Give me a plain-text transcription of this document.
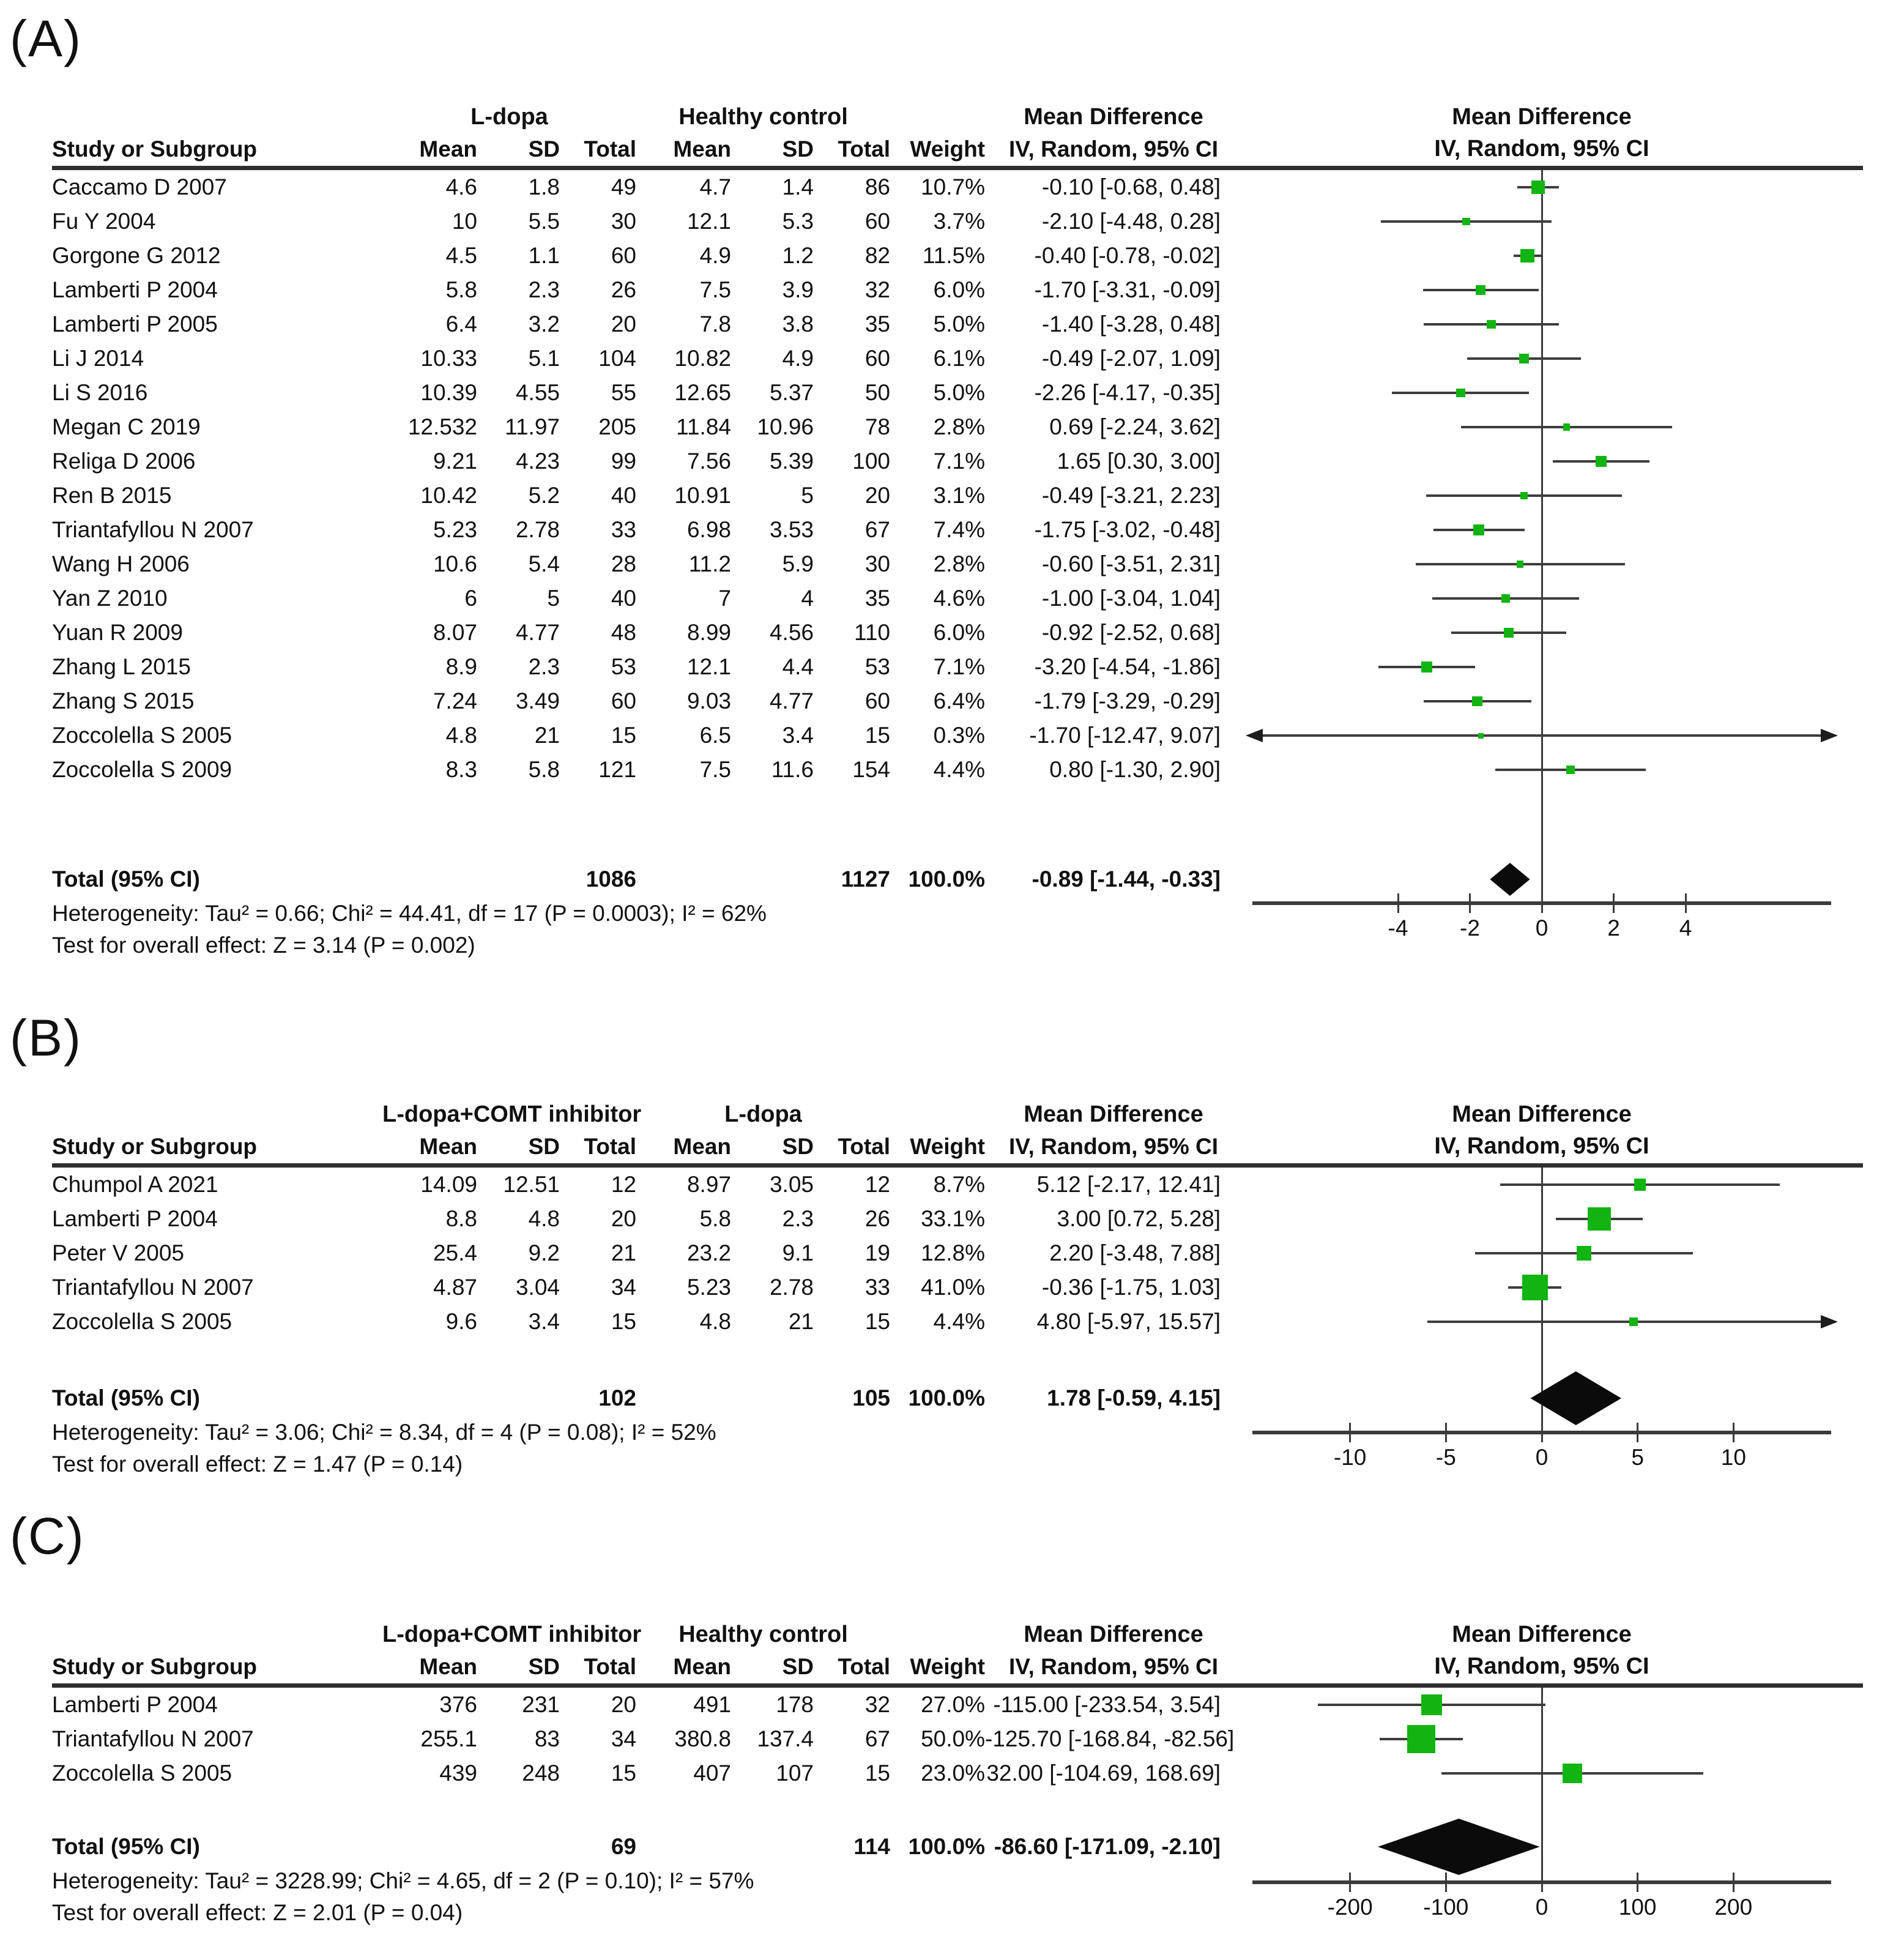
(A)
L-dopa	Healthy control	Mean Difference
Study or Subgroup	Mean	SD	Total	Mean	SD	Total Weight	IV, Random, 95% CI
Caccamo D 2007	4.6	1.8	49	4.7	1.4	86	10.7%	-0.10 [-0.68, 0.48]
Fu Y 2004	10	5.5	30	12.1	5.3	60	3.7%	-2.10 [-4.48, 0.28]
Gorgone G 2012	4.5	1.1	60	4.9	1.2	82	11.5%	-0.40 [-0.78, -0.02]
Lamberti P 2004	5.8	2.3	26	7.5	3.9	32	6.0%	-1.70 [-3.31, -0.09]
Lamberti P 2005	6.4	3.2	20	7.8	3.8	35	5.0%	-1.40 [-3.28, 0.48]
Li J 2014	10.33	5.1	104	10.82	4.9	60	6.1%	-0.49 [-2.07, 1.09]
Li S 2016	10.39	4.55	55	12.65	5.37	50	5.0%	-2.26 [-4.17, -0.35]
Megan C 2019	12.532	11.97	205	11.84	10.96	78	2.8%	0.69 [-2.24, 3.62]
Religa D 2006	9.21	4.23	99	7.56	5.39	100	7.1%	1.65 [0.30, 3.00]
Ren B 2015	10.42	5.2	40	10.91	5	20	3.1%	-0.49 [-3.21, 2.23]
Triantafyllou N 2007	5.23	2.78	33	6.98	3.53	67	7.4%	-1.75 [-3.02, -0.48]
Wang H 2006	10.6	5.4	28	11.2	5.9	30	2.8%	-0.60 [-3.51, 2.31]
Yan Z 2010	6	5	40	7	4	35	4.6%	-1.00 [-3.04, 1.04]
Yuan R 2009	8.07	4.77	48	8.99	4.56	110	6.0%	-0.92 [-2.52, 0.68]
Zhang L 2015	8.9	2.3	53	12.1	4.4	53	7.1%	-3.20 [-4.54, -1.86]
Zhang S 2015	7.24	3.49	60	9.03	4.77	60	6.4%	-1.79 [-3.29, -0.29]
Zoccolella S 2005	4.8	21	15	6.5	3.4	15	0.3%	-1.70 [-12.47, 9.07]
Zoccolella S 2009	8.3	5.8	121	7.5	11.6	154	4.4%	0.80 [-1.30, 2.90]
Total (95% CI)	1086	1127 100.0%	-0.89 [-1.44, -0.33]
Heterogeneity: Tau² = 0.66; Chi² = 44.41, df = 17 (P = 0.0003); I² = 62%
Test for overall effect: Z = 3.14 (P = 0.002)
Mean Difference
IV, Random, 95% CI
-4	-2	0	2	4
(B)
L-dopa+COMT inhibitor	L-dopa	Mean Difference
Study or Subgroup	Mean	SD	Total	Mean	SD	Total Weight	IV, Random, 95% CI
Chumpol A 2021	14.09	12.51	12	8.97	3.05	12	8.7%	5.12 [-2.17, 12.41]
Lamberti P 2004	8.8	4.8	20	5.8	2.3	26	33.1%	3.00 [0.72, 5.28]
Peter V 2005	25.4	9.2	21	23.2	9.1	19	12.8%	2.20 [-3.48, 7.88]
Triantafyllou N 2007	4.87	3.04	34	5.23	2.78	33	41.0%	-0.36 [-1.75, 1.03]
Zoccolella S 2005	9.6	3.4	15	4.8	21	15	4.4%	4.80 [-5.97, 15.57]
Total (95% CI)	102	105 100.0%	1.78 [-0.59, 4.15]
Heterogeneity: Tau² = 3.06; Chi² = 8.34, df = 4 (P = 0.08); I² = 52%
Test for overall effect: Z = 1.47 (P = 0.14)
Mean Difference
IV, Random, 95% CI
-10	-5	0	5	10
(C)
L-dopa+COMT inhibitor	Healthy control	Mean Difference
Study or Subgroup	Mean	SD	Total	Mean	SD	Total Weight	IV, Random, 95% CI
Lamberti P 2004	376	231	20	491	178	32	27.0% -115.00 [-233.54, 3.54]
Triantafyllou N 2007	255.1	83	34	380.8	137.4	67	50.0% -125.70 [-168.84, -82.56]
Zoccolella S 2005	439	248	15	407	107	15	23.0% 32.00 [-104.69, 168.69]
Total (95% CI)	69	114 100.0% -86.60 [-171.09, -2.10]
Heterogeneity: Tau² = 3228.99; Chi² = 4.65, df = 2 (P = 0.10); I² = 57%
Test for overall effect: Z = 2.01 (P = 0.04)
Mean Difference
IV, Random, 95% CI
-200	-100	0	100	200
